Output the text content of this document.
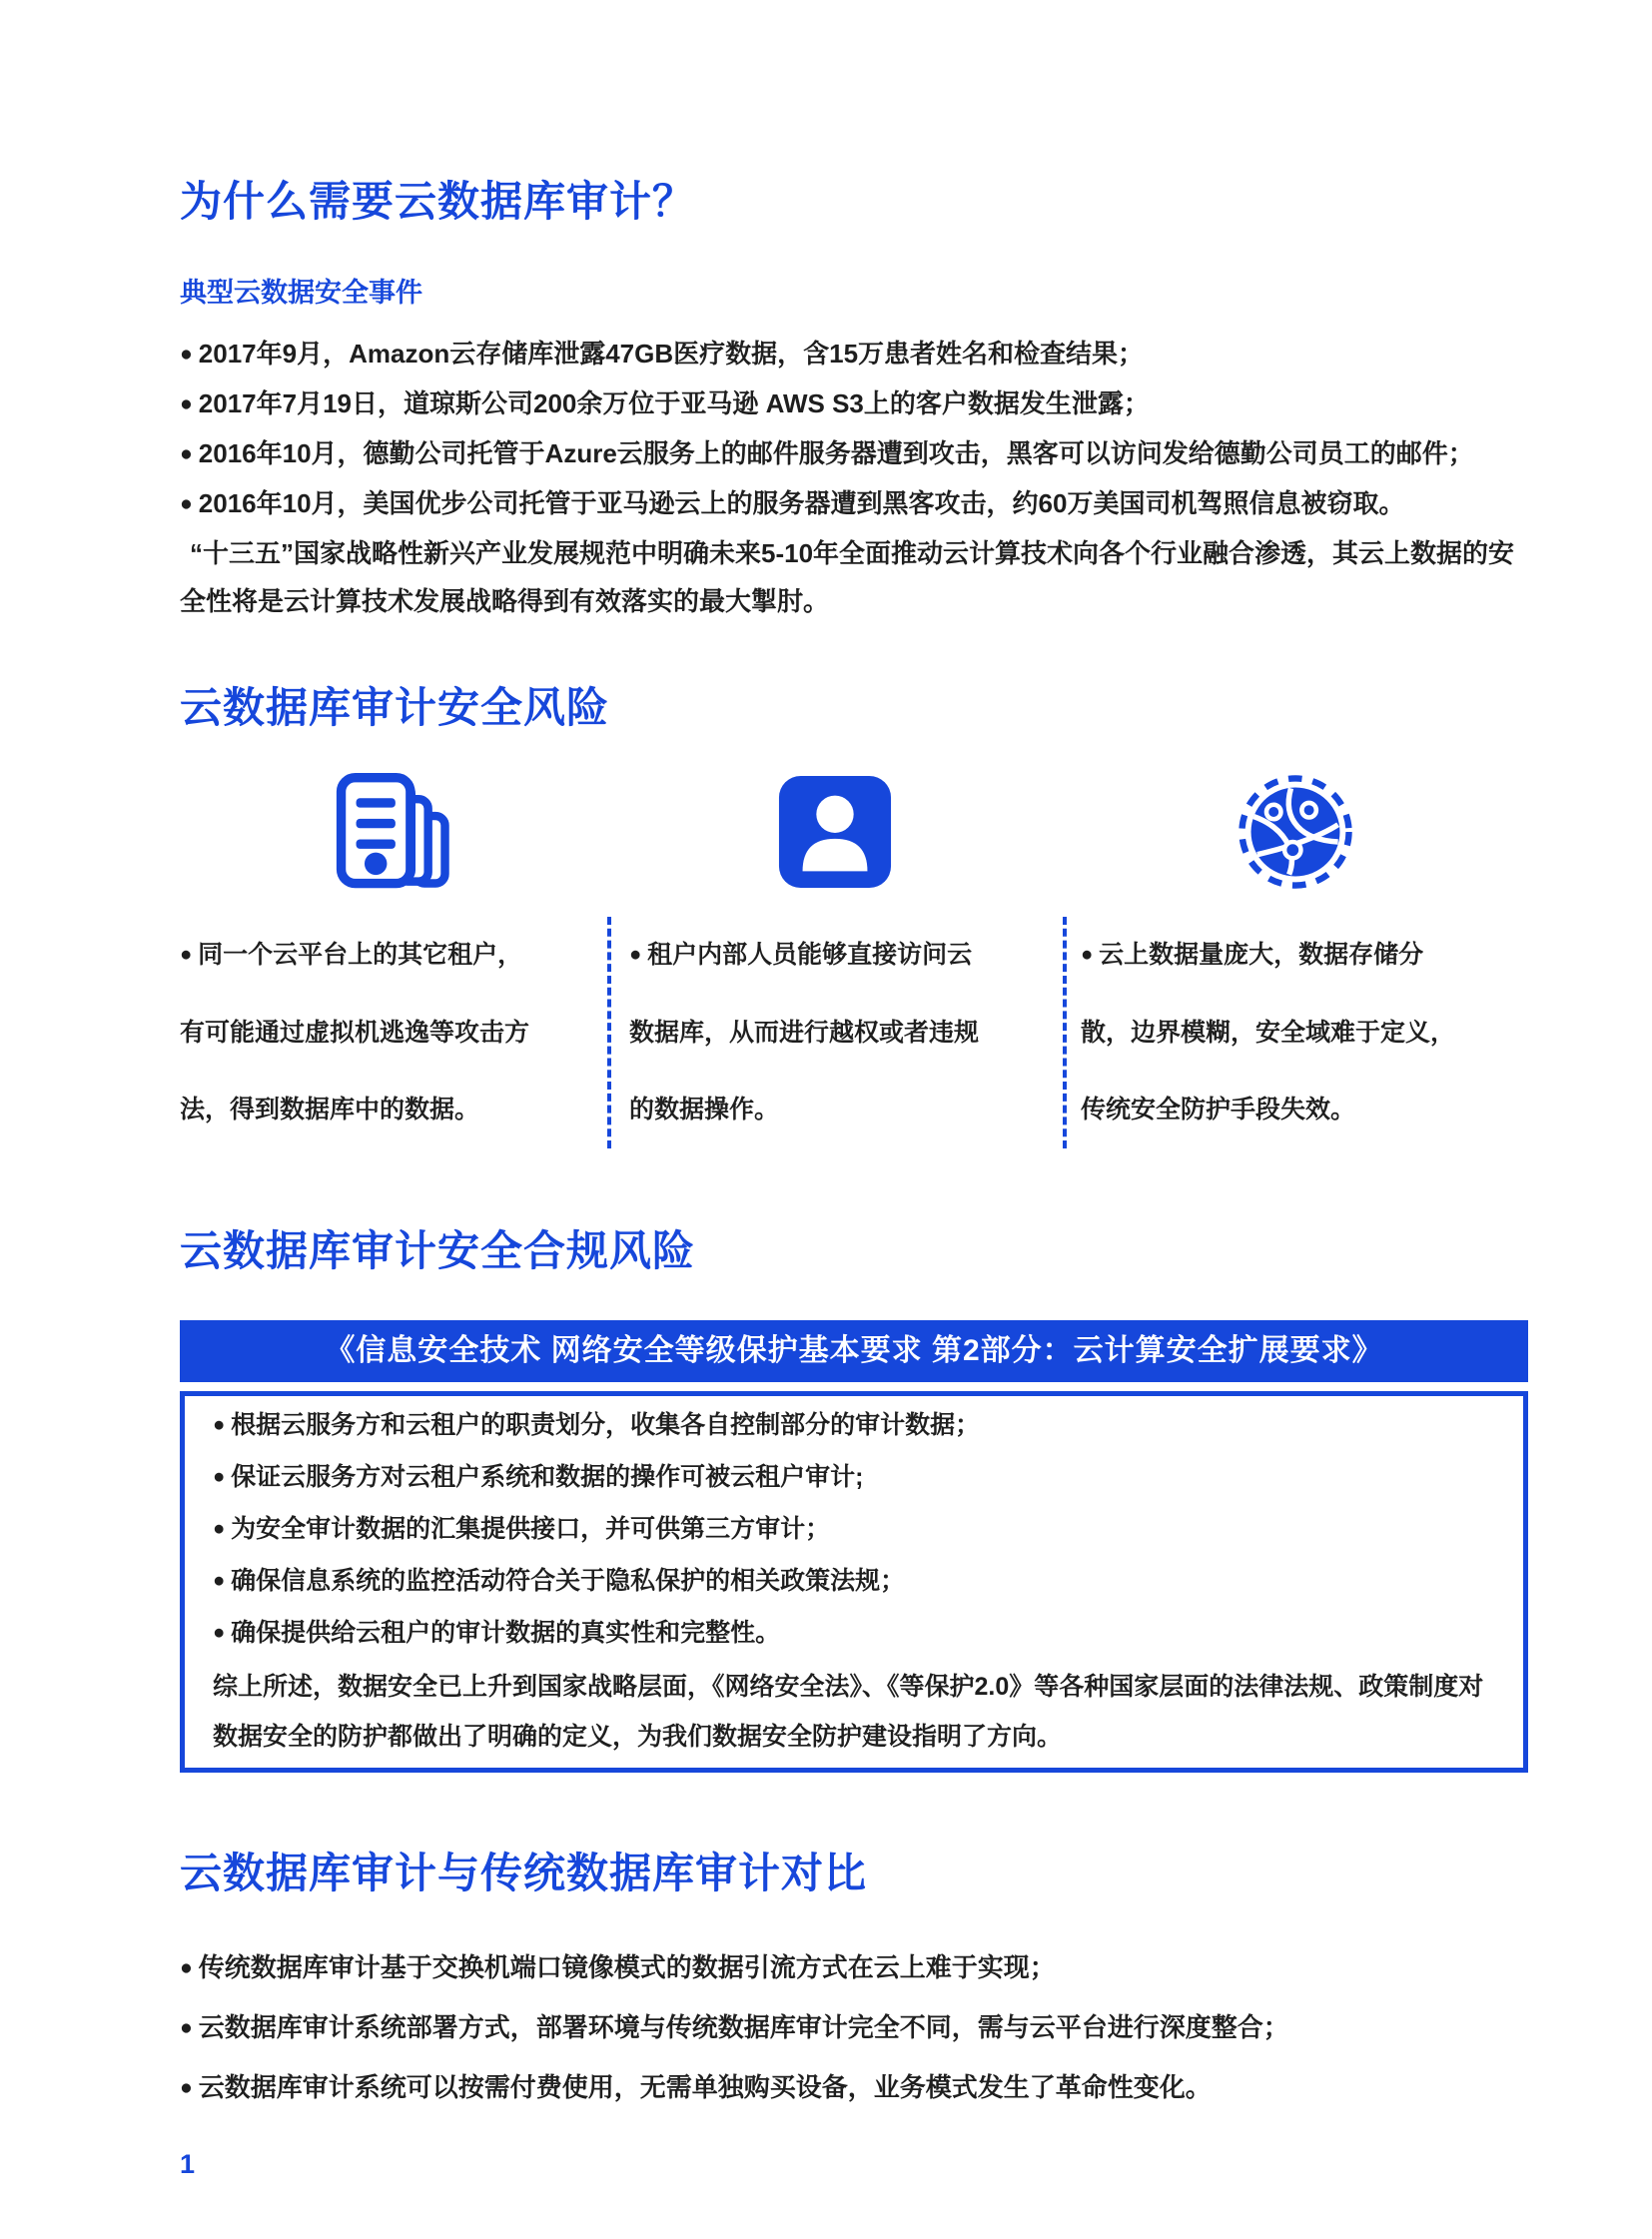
为什么需要云数据库审计？
典型云数据安全事件
● 2017年9月，Amazon云存储库泄露47GB医疗数据，含15万患者姓名和检查结果；
● 2017年7月19日，道琼斯公司200余万位于亚马逊 AWS S3上的客户数据发生泄露；
● 2016年10月，德勤公司托管于Azure云服务上的邮件服务器遭到攻击，黑客可以访问发给德勤公司员工的邮件；
● 2016年10月，美国优步公司托管于亚马逊云上的服务器遭到黑客攻击，约60万美国司机驾照信息被窃取。

“十三五”国家战略性新兴产业发展规范中明确未来5-10年全面推动云计算技术向各个行业融合渗透，其云上数据的安全性将是云计算技术发展战略得到有效落实的最大掣肘。

云数据库审计安全风险

● 同一个云平台上的其它租户，有可能通过虚拟机逃逸等攻击方法，得到数据库中的数据。

● 租户内部人员能够直接访问云数据库，从而进行越权或者违规的数据操作。

● 云上数据量庞大，数据存储分散，边界模糊，安全域难于定义，传统安全防护手段失效。

云数据库审计安全合规风险
《信息安全技术 网络安全等级保护基本要求 第2部分：云计算安全扩展要求》
● 根据云服务方和云租户的职责划分，收集各自控制部分的审计数据；
● 保证云服务方对云租户系统和数据的操作可被云租户审计;
● 为安全审计数据的汇集提供接口，并可供第三方审计；
● 确保信息系统的监控活动符合关于隐私保护的相关政策法规；
● 确保提供给云租户的审计数据的真实性和完整性。

综上所述，数据安全已上升到国家战略层面，《网络安全法》、《等保护2.0》等各种国家层面的法律法规、政策制度对数据安全的防护都做出了明确的定义，为我们数据安全防护建设指明了方向。

云数据库审计与传统数据库审计对比
● 传统数据库审计基于交换机端口镜像模式的数据引流方式在云上难于实现；
● 云数据库审计系统部署方式，部署环境与传统数据库审计完全不同，需与云平台进行深度整合；
● 云数据库审计系统可以按需付费使用，无需单独购买设备，业务模式发生了革命性变化。
1
